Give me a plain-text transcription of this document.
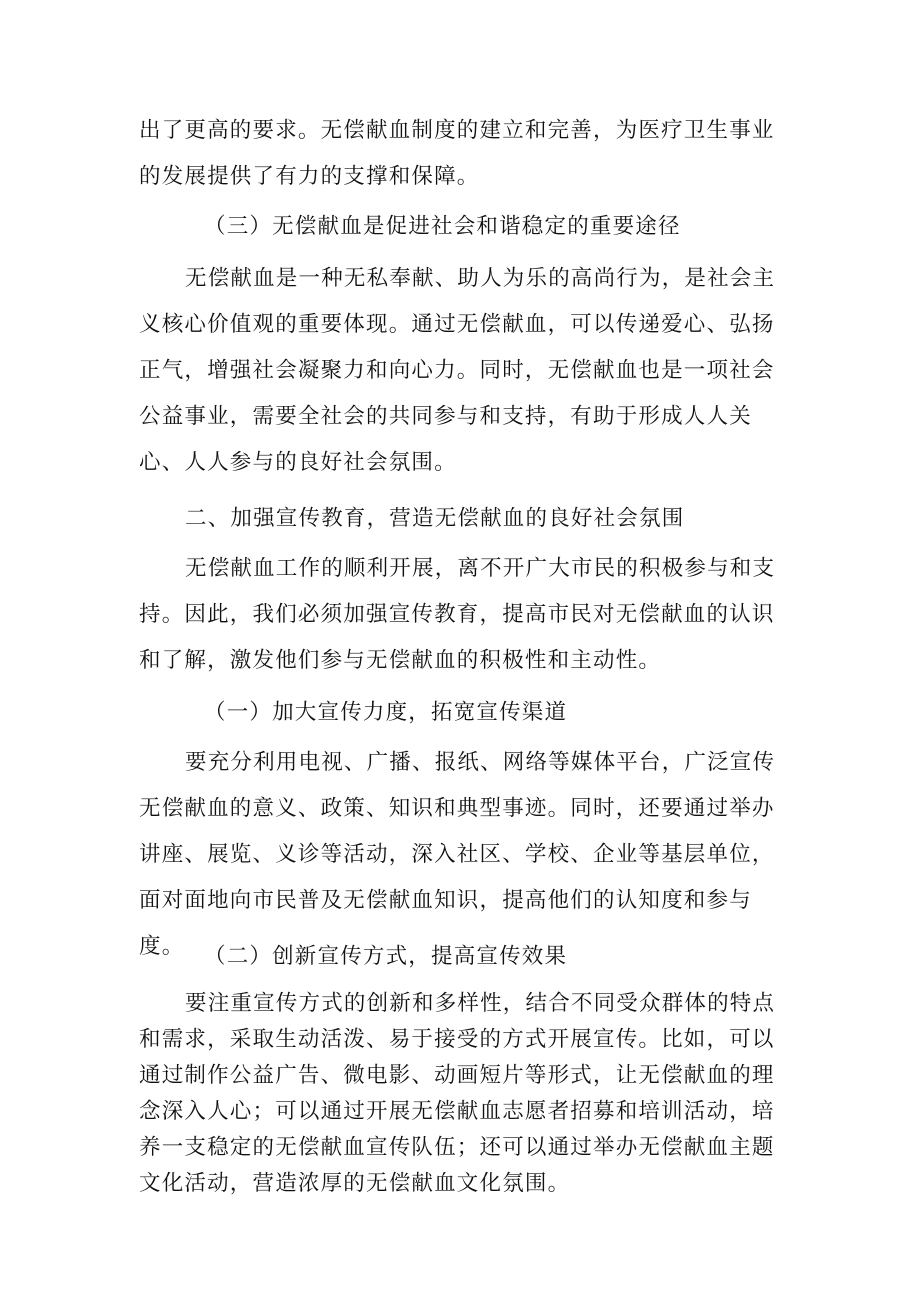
出了更高的要求。无偿献血制度的建立和完善，为医疗卫生事业的发展提供了有力的支撑和保障。

（三）无偿献血是促进社会和谐稳定的重要途径

无偿献血是一种无私奉献、助人为乐的高尚行为，是社会主义核心价值观的重要体现。通过无偿献血，可以传递爱心、弘扬正气，增强社会凝聚力和向心力。同时，无偿献血也是一项社会公益事业，需要全社会的共同参与和支持，有助于形成人人关心、人人参与的良好社会氛围。

二、加强宣传教育，营造无偿献血的良好社会氛围

无偿献血工作的顺利开展，离不开广大市民的积极参与和支持。因此，我们必须加强宣传教育，提高市民对无偿献血的认识和了解，激发他们参与无偿献血的积极性和主动性。

（一）加大宣传力度，拓宽宣传渠道

要充分利用电视、广播、报纸、网络等媒体平台，广泛宣传无偿献血的意义、政策、知识和典型事迹。同时，还要通过举办讲座、展览、义诊等活动，深入社区、学校、企业等基层单位，面对面地向市民普及无偿献血知识，提高他们的认知度和参与度。 （二）创新宣传方式，提高宣传效果

要注重宣传方式的创新和多样性，结合不同受众群体的特点和需求，采取生动活泼、易于接受的方式开展宣传。比如，可以通过制作公益广告、微电影、动画短片等形式，让无偿献血的理念深入人心；可以通过开展无偿献血志愿者招募和培训活动，培养一支稳定的无偿献血宣传队伍；还可以通过举办无偿献血主题文化活动，营造浓厚的无偿献血文化氛围。
